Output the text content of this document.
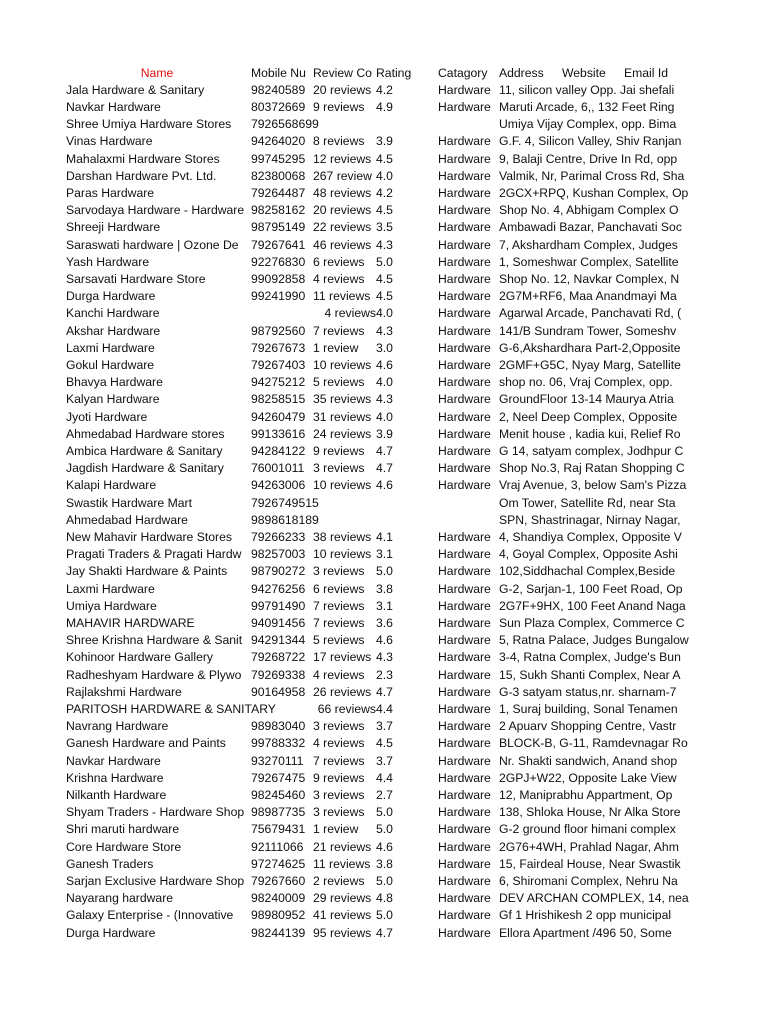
Name	Mobile Nu Review Co Rating	Catagory Address	Website	Email Id
Jala Hardware & Sanitary	98240589 20 reviews 4.2	Hardware 11, silicon valley Opp. Jai shefali
Navkar Hardware	80372669 9 reviews 4.9	Hardware Maruti Arcade, 6,, 132 Feet Ring
Shree Umiya Hardware Stores	7926568699	Umiya Vijay Complex, opp. Bima
Vinas Hardware	94264020 8 reviews 3.9	Hardware G.F. 4, Silicon Valley, Shiv Ranjan
Mahalaxmi Hardware Stores	99745295 12 reviews 4.5	Hardware 9, Balaji Centre, Drive In Rd, opp
Darshan Hardware Pvt. Ltd.	82380068 267 review 4.0	Hardware Valmik, Nr, Parimal Cross Rd, Sha
Paras Hardware	79264487 48 reviews 4.2	Hardware 2GCX+RPQ, Kushan Complex, Op
Sarvodaya Hardware - Hardware 98258162 20 reviews 4.5	Hardware Shop No. 4, Abhigam Complex O
Shreeji Hardware	98795149 22 reviews 3.5	Hardware Ambawadi Bazar, Panchavati Soc
Saraswati hardware | Ozone De	79267641 46 reviews 4.3	Hardware 7, Akshardham Complex, Judges
Yash Hardware	92276830 6 reviews 5.0	Hardware 1, Someshwar Complex, Satellite
Sarsavati Hardware Store	99092858 4 reviews 4.5	Hardware Shop No. 12, Navkar Complex, N
Durga Hardware	99241990 11 reviews 4.5	Hardware 2G7M+RF6, Maa Anandmayi Ma
Kanchi Hardware	4 reviews 4.0	Hardware Agarwal Arcade, Panchavati Rd, (
Akshar Hardware	98792560 7 reviews 4.3	Hardware 141/B Sundram Tower, Someshv
Laxmi Hardware	79267673 1 review	3.0	Hardware G-6,Akshardhara Part-2,Opposite
Gokul Hardware	79267403 10 reviews 4.6	Hardware 2GMF+G5C, Nyay Marg, Satellite
Bhavya Hardware	94275212 5 reviews 4.0	Hardware shop no. 06, Vraj Complex, opp.
Kalyan Hardware	98258515 35 reviews 4.3	Hardware GroundFloor 13-14 Maurya Atria
Jyoti Hardware	94260479 31 reviews 4.0	Hardware 2, Neel Deep Complex, Opposite
Ahmedabad Hardware stores	99133616 24 reviews 3.9	Hardware Menit house , kadia kui, Relief Ro
Ambica Hardware & Sanitary	94284122 9 reviews 4.7	Hardware G 14, satyam complex, Jodhpur C
Jagdish Hardware & Sanitary	76001011 3 reviews 4.7	Hardware Shop No.3, Raj Ratan Shopping C
Kalapi Hardware	94263006 10 reviews 4.6	Hardware Vraj Avenue, 3, below Sam's Pizza
Swastik Hardware Mart	7926749515	Om Tower, Satellite Rd, near Sta
Ahmedabad Hardware	9898618189	SPN, Shastrinagar, Nirnay Nagar,
New Mahavir Hardware Stores	79266233 38 reviews 4.1	Hardware 4, Shandiya Complex, Opposite V
Pragati Traders & Pragati Hardw 98257003 10 reviews 3.1	Hardware 4, Goyal Complex, Opposite Ashi
Jay Shakti Hardware & Paints	98790272 3 reviews 5.0	Hardware 102,Siddhachal Complex,Beside
Laxmi Hardware	94276256 6 reviews 3.8	Hardware G-2, Sarjan-1, 100 Feet Road, Op
Umiya Hardware	99791490 7 reviews 3.1	Hardware 2G7F+9HX, 100 Feet Anand Naga
MAHAVIR HARDWARE	94091456 7 reviews 3.6	Hardware Sun Plaza Complex, Commerce C
Shree Krishna Hardware & Sanit 94291344 5 reviews 4.6	Hardware 5, Ratna Palace, Judges Bungalow
Kohinoor Hardware Gallery	79268722 17 reviews 4.3	Hardware 3-4, Ratna Complex, Judge's Bun
Radheshyam Hardware & Plywo 79269338 4 reviews 2.3	Hardware 15, Sukh Shanti Complex, Near A
Rajlakshmi Hardware	90164958 26 reviews 4.7	Hardware G-3 satyam status,nr. sharnam-7
PARITOSH HARDWARE & SANITARY	66 reviews 4.4	Hardware 1, Suraj building, Sonal Tenamen
Navrang Hardware	98983040 3 reviews 3.7	Hardware 2 Apuarv Shopping Centre, Vastr
Ganesh Hardware and Paints	99788332 4 reviews 4.5	Hardware BLOCK-B, G-11, Ramdevnagar Ro
Navkar Hardware	93270111 7 reviews 3.7	Hardware Nr. Shakti sandwich, Anand shop
Krishna Hardware	79267475 9 reviews 4.4	Hardware 2GPJ+W22, Opposite Lake View
Nilkanth Hardware	98245460 3 reviews 2.7	Hardware 12, Maniprabhu Appartment, Op
Shyam Traders - Hardware Shop 98987735 3 reviews 5.0	Hardware 138, Shloka House, Nr Alka Store
Shri maruti hardware	75679431 1 review	5.0	Hardware G-2 ground floor himani complex
Core Hardware Store	92111066 21 reviews 4.6	Hardware 2G76+4WH, Prahlad Nagar, Ahm
Ganesh Traders	97274625 11 reviews 3.8	Hardware 15, Fairdeal House, Near Swastik
Sarjan Exclusive Hardware Shop 79267660 2 reviews 5.0	Hardware 6, Shiromani Complex, Nehru Na
Nayarang hardware	98240009 29 reviews 4.8	Hardware DEV ARCHAN COMPLEX, 14, nea
Galaxy Enterprise - (Innovative	98980952 41 reviews 5.0	Hardware Gf 1 Hrishikesh 2 opp municipal
Durga Hardware	98244139 95 reviews 4.7	Hardware Ellora Apartment /496 50, Some
